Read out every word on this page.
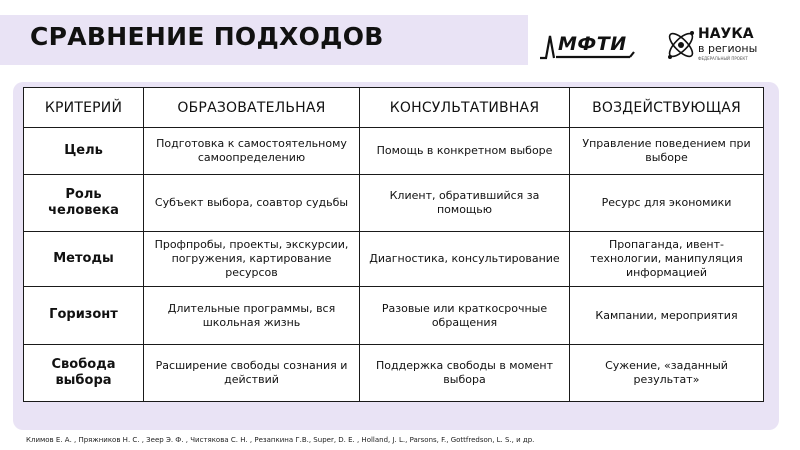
СРАВНЕНИЕ ПОДХОДОВ	МФТИ	НАУКА
в регионы
ФЕДЕРАЛЬНЫЙ ПРОЕКТ
КРИТЕРИЙ	ОБРАЗОВАТЕЛЬНАЯ	КОНСУЛЬТАТИВНАЯ	ВОЗДЕЙСТВУЮЩАЯ
Цель	Подготовка к самостоятельному самоопределению	Помощь в конкретном выборе	Управление поведением при выборе
Роль человека	Субъект выбора, соавтор судьбы	Клиент, обратившийся за помощью	Ресурс для экономики
Методы	Профпробы, проекты, экскурсии, погружения, картирование ресурсов	Диагностика, консультирование	Пропаганда, ивент-технологии, манипуляция информацией
Горизонт	Длительные программы, вся школьная жизнь	Разовые или краткосрочные обращения	Кампании, мероприятия
Свобода выбора	Расширение свободы сознания и действий	Поддержка свободы в момент выбора	Сужение, «заданный результат»
Климов Е. А. , Пряжников Н. С. , Зеер Э. Ф. , Чистякова С. Н. , Резапкина Г.В., Super, D. E. , Holland, J. L., Parsons, F., Gottfredson, L. S., и др.
